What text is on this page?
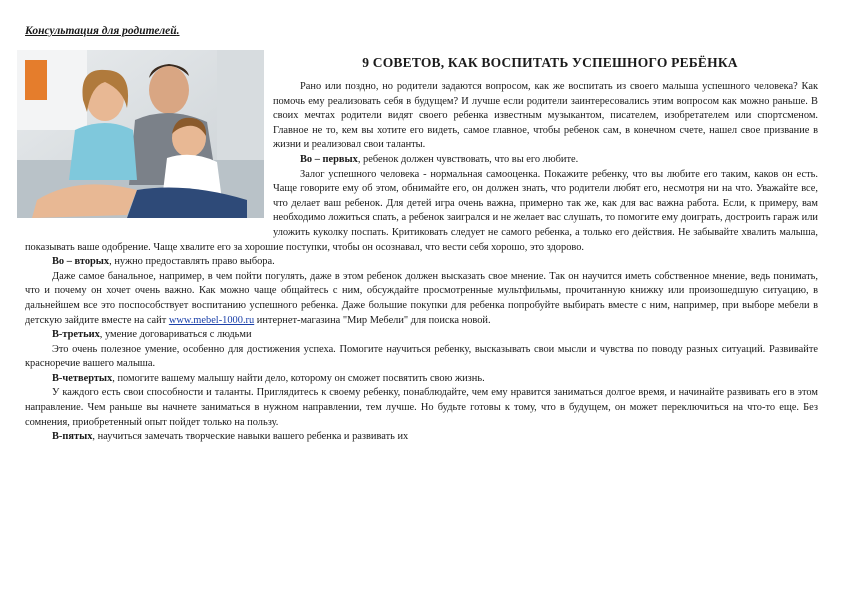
Консультация для родителей.
9 СОВЕТОВ, КАК ВОСПИТАТЬ УСПЕШНОГО РЕБЁНКА

Рано или поздно, но родители задаются вопросом, как же воспитать из своего малыша успешного человека? Как помочь ему реализовать себя в будущем? И лучше если родители заинтересовались этим вопросом как можно раньше. В своих мечтах родители видят своего ребенка известным музыкантом, писателем, изобретателем или спортсменом. Главное не то, кем вы хотите его видеть, самое главное, чтобы ребенок сам, в конечном счете, нашел свое призвание в жизни и реализовал свои таланты.

Во – первых, ребенок должен чувствовать, что вы его любите.

Залог успешного человека - нормальная самооценка. Покажите ребенку, что вы любите его таким, каков он есть. Чаще говорите ему об этом, обнимайте его, он должен знать, что родители любят его, несмотря ни на что. Уважайте все, что делает ваш ребенок. Для детей игра очень важна, примерно так же, как для вас важна работа. Если, к примеру, вам необходимо ложиться спать, а ребенок заигрался и не желает вас слушать, то помогите ему доиграть, достроить гараж или уложить куколку поспать. Критиковать следует не самого ребенка, а только его действия. Не забывайте хвалить малыша, показывать ваше одобрение. Чаще хвалите его за хорошие поступки, чтобы он осознавал, что вести себя хорошо, это здорово.

Во – вторых, нужно предоставлять право выбора.

Даже самое банальное, например, в чем пойти погулять, даже в этом ребенок должен высказать свое мнение. Так он научится иметь собственное мнение, ведь понимать, что и почему он хочет очень важно. Как можно чаще общайтесь с ним, обсуждайте просмотренные мультфильмы, прочитанную книжку или произошедшую ситуацию, в дальнейшем все это поспособствует воспитанию успешного ребенка. Даже большие покупки для ребенка попробуйте выбирать вместе с ним, например, при выборе мебели в детскую зайдите вместе на сайт www.mebel-1000.ru интернет-магазина "Мир Мебели" для поиска новой.

В-третьих, умение договариваться с людьми

Это очень полезное умение, особенно для достижения успеха. Помогите научиться ребенку, высказывать свои мысли и чувства по поводу разных ситуаций. Развивайте красноречие вашего малыша.

В-четвертых, помогите вашему малышу найти дело, которому он сможет посвятить свою жизнь.

У каждого есть свои способности и таланты. Приглядитесь к своему ребенку, понаблюдайте, чем ему нравится заниматься долгое время, и начинайте развивать его в этом направление. Чем раньше вы начнете заниматься в нужном направлении, тем лучше. Но будьте готовы к тому, что в будущем, он может переключиться на что-то еще. Без сомнения, приобретенный опыт пойдет только на пользу.

В-пятых, научиться замечать творческие навыки вашего ребенка и развивать их
